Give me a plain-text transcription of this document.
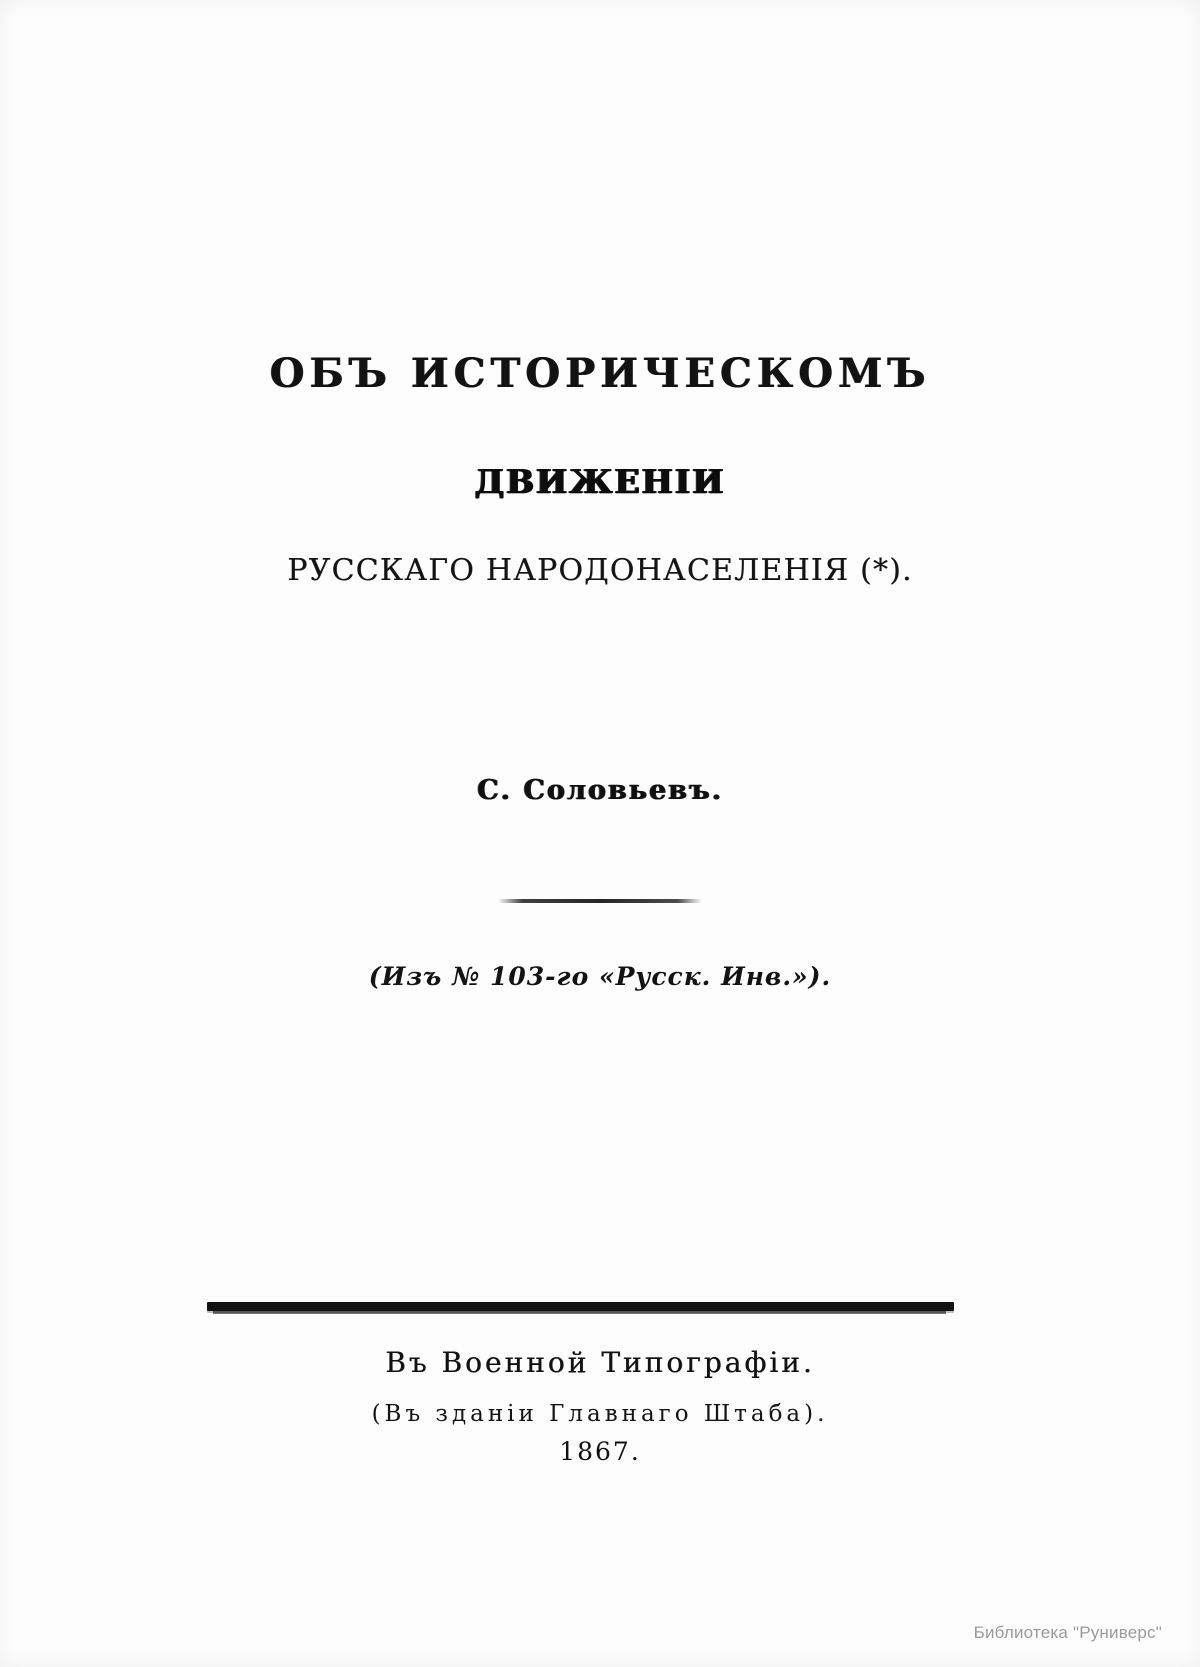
ОБЪ ИСТОРИЧЕСКОМЪ
ДВИЖЕНІИ
РУССКАГО НАРОДОНАСЕЛЕНІЯ (*).
С. Соловьевъ.
(Изъ № 103-го «Русск. Инв.»).
Въ Военной Типографіи.
(Въ зданіи Главнаго Штаба).
1867.
Библиотека "Руниверс"
